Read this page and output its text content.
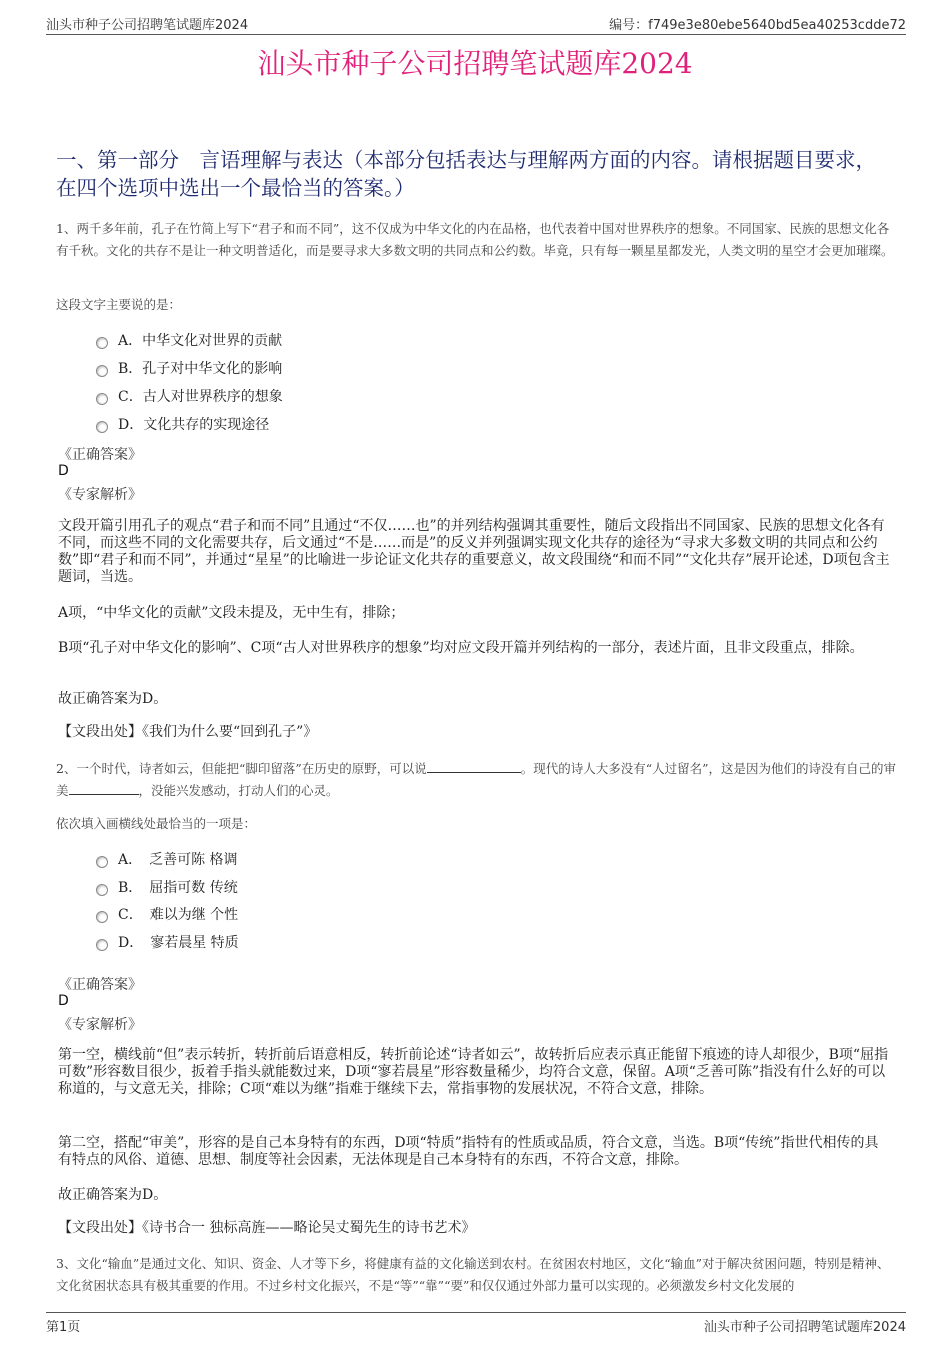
汕头市种子公司招聘笔试题库2024	编号：f749e3e80ebe5640bd5ea40253cdde72
汕头市种子公司招聘笔试题库2024
一、第一部分　言语理解与表达（本部分包括表达与理解两方面的内容。请根据题目要求，在四个选项中选出一个最恰当的答案。）
1、两千多年前，孔子在竹简上写下“君子和而不同”，这不仅成为中华文化的内在品格，也代表着中国对世界秩序的想象。不同国家、民族的思想文化各有千秋。文化的共存不是让一种文明普适化，而是要寻求大多数文明的共同点和公约数。毕竟，只有每一颗星星都发光，人类文明的星空才会更加璀璨。
这段文字主要说的是：
A．中华文化对世界的贡献
B．孔子对中华文化的影响
C．古人对世界秩序的想象
D．文化共存的实现途径
《正确答案》
D
《专家解析》
文段开篇引用孔子的观点“君子和而不同”且通过“不仅……也”的并列结构强调其重要性，随后文段指出不同国家、民族的思想文化各有不同，而这些不同的文化需要共存，后文通过“不是……而是”的反义并列强调实现文化共存的途径为“寻求大多数文明的共同点和公约数”即“君子和而不同”，并通过“星星”的比喻进一步论证文化共存的重要意义，故文段围绕“和而不同”“文化共存”展开论述，D项包含主题词，当选。
A项，“中华文化的贡献”文段未提及，无中生有，排除；
B项“孔子对中华文化的影响”、C项“古人对世界秩序的想象”均对应文段开篇并列结构的一部分，表述片面，且非文段重点，排除。
故正确答案为D。
【文段出处】《我们为什么要“回到孔子”》
2、一个时代，诗者如云，但能把“脚印留落”在历史的原野，可以说	。现代的诗人大多没有“人过留名”，这是因为他们的诗没有自己的审美	，没能兴发感动，打动人们的心灵。
依次填入画横线处最恰当的一项是：
A．　乏善可陈 格调
B．　屈指可数 传统
C．　难以为继 个性
D．　寥若晨星 特质
《正确答案》
D
《专家解析》
第一空，横线前“但”表示转折，转折前后语意相反，转折前论述“诗者如云”，故转折后应表示真正能留下痕迹的诗人却很少，B项“屈指可数”形容数目很少，扳着手指头就能数过来，D项“寥若晨星”形容数量稀少，均符合文意，保留。A项“乏善可陈”指没有什么好的可以称道的，与文意无关，排除；C项“难以为继”指难于继续下去，常指事物的发展状况，不符合文意，排除。
第二空，搭配“审美”，形容的是自己本身特有的东西，D项“特质”指特有的性质或品质，符合文意，当选。B项“传统”指世代相传的具有特点的风俗、道德、思想、制度等社会因素，无法体现是自己本身特有的东西，不符合文意，排除。
故正确答案为D。
【文段出处】《诗书合一 独标高旌——略论吴丈蜀先生的诗书艺术》
3、文化“输血”是通过文化、知识、资金、人才等下乡，将健康有益的文化输送到农村。在贫困农村地区，文化“输血”对于解决贫困问题，特别是精神、文化贫困状态具有极其重要的作用。不过乡村文化振兴，不是“等”“靠”“要”和仅仅通过外部力量可以实现的。必须激发乡村文化发展的
第1页	汕头市种子公司招聘笔试题库2024
